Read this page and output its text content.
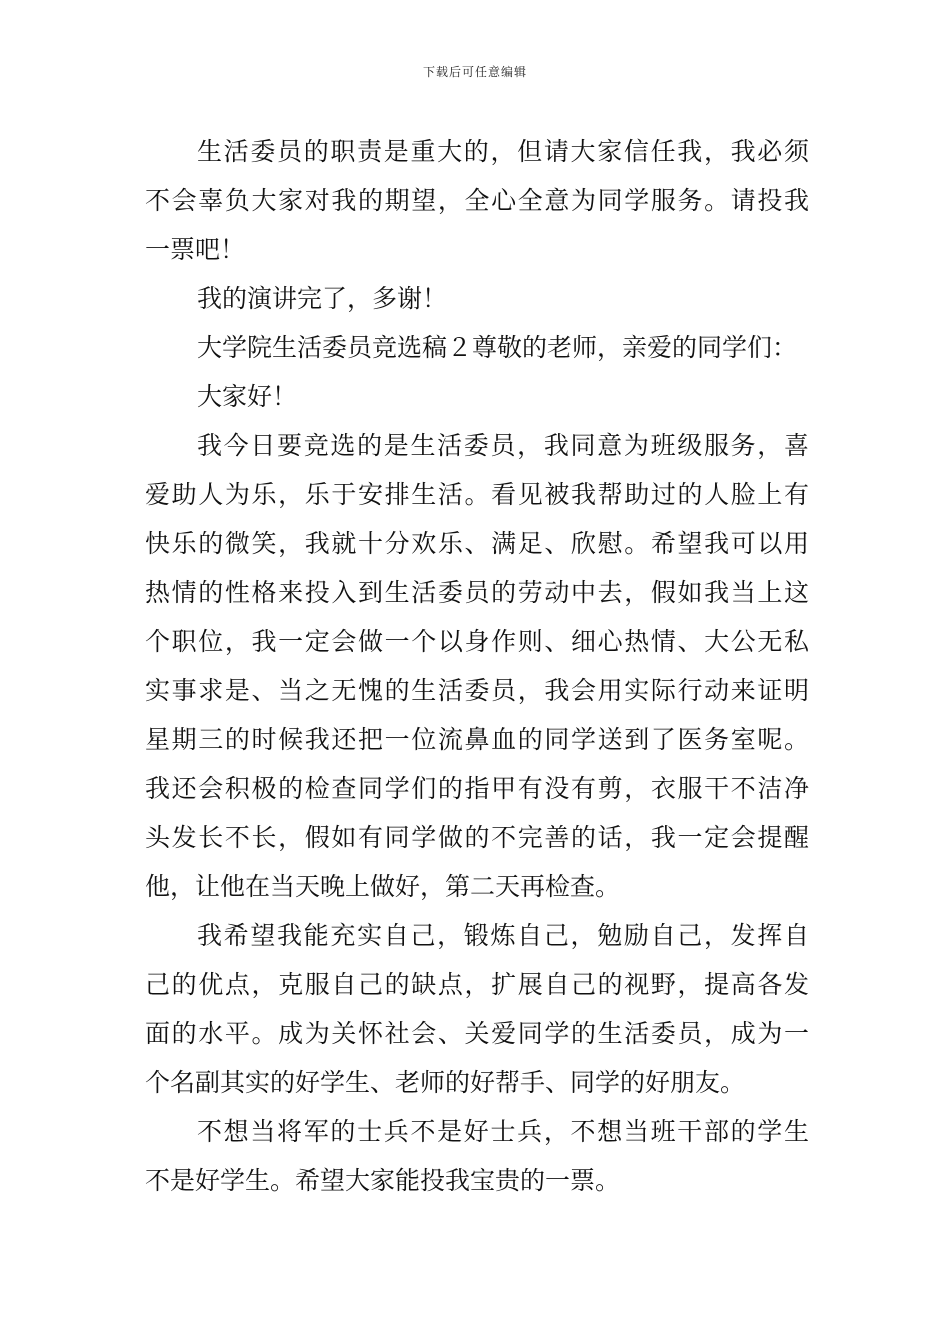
下载后可任意编辑

生活委员的职责是重大的，但请大家信任我，我必须
不会辜负大家对我的期望，全心全意为同学服务。请投我
一票吧！

我的演讲完了，多谢！

大学院生活委员竞选稿２尊敬的老师，亲爱的同学们：

大家好！

我今日要竞选的是生活委员，我同意为班级服务，喜
爱助人为乐，乐于安排生活。看见被我帮助过的人脸上有
快乐的微笑，我就十分欢乐、满足、欣慰。希望我可以用
热情的性格来投入到生活委员的劳动中去，假如我当上这
个职位，我一定会做一个以身作则、细心热情、大公无私
实事求是、当之无愧的生活委员，我会用实际行动来证明
星期三的时候我还把一位流鼻血的同学送到了医务室呢。
我还会积极的检查同学们的指甲有没有剪，衣服干不洁净
头发长不长，假如有同学做的不完善的话，我一定会提醒
他，让他在当天晚上做好，第二天再检查。

我希望我能充实自己，锻炼自己，勉励自己，发挥自
己的优点，克服自己的缺点，扩展自己的视野，提高各发
面的水平。成为关怀社会、关爱同学的生活委员，成为一
个名副其实的好学生、老师的好帮手、同学的好朋友。

不想当将军的士兵不是好士兵，不想当班干部的学生
不是好学生。希望大家能投我宝贵的一票。
